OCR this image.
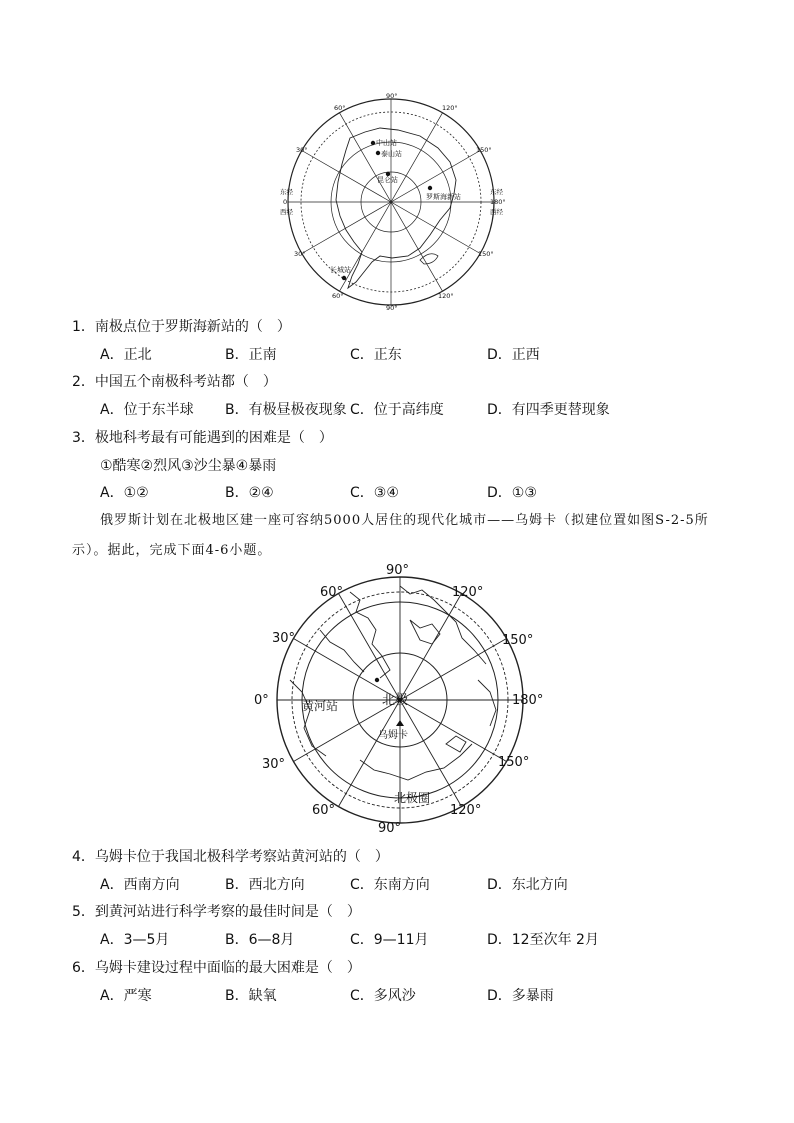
中山站
泰山站
昆仑站
罗斯海新站
长城站
90°
60°	120°
30°	150°
东经
0
西经
东经
180°
西经
30°	150°
60°
90°
120°
1．南极点位于罗斯海新站的（　）
A．正北	B．正南	C．正东	D．正西
2．中国五个南极科考站都（　）
A．位于东半球 B．有极昼极夜现象 C．位于高纬度	D．有四季更替现象
3．极地科考最有可能遇到的困难是（　）
①酷寒②烈风③沙尘暴④暴雨
A．①②	B．②④	C．③④	D．①③
俄罗斯计划在北极地区建一座可容纳5000人居住的现代化城市——乌姆卡（拟建位置如图S-2-5所示）。据此，完成下面4-6小题。
北极
黄河站
乌姆卡
北极圈
90°
60°	120°
30°	150°
0°	180°
30°	150°
60°
90°
120°
4．乌姆卡位于我国北极科学考察站黄河站的（　）
A．西南方向	B．西北方向	C．东南方向	D．东北方向
5．到黄河站进行科学考察的最佳时间是（　）
A．3—5月	B．6—8月	C．9—11月	D．12至次年 2月
6．乌姆卡建设过程中面临的最大困难是（　）
A．严寒	B．缺氧	C．多风沙	D．多暴雨
